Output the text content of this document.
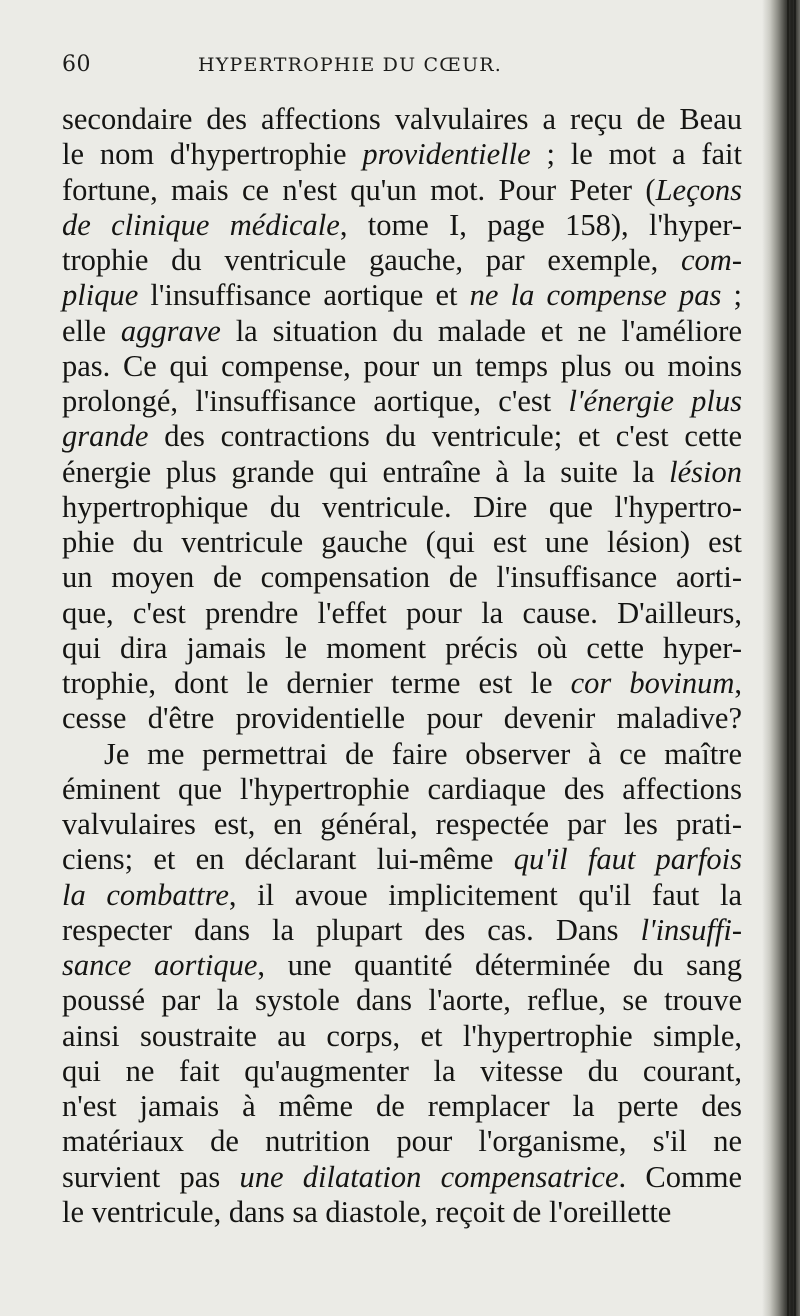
60	HYPERTROPHIE DU CŒUR.
secondaire des affections valvulaires a reçu de Beau
le nom d'hypertrophie providentielle ; le mot a fait
fortune, mais ce n'est qu'un mot. Pour Peter (Leçons
de clinique médicale, tome I, page 158), l'hyper-
trophie du ventricule gauche, par exemple, com-
plique l'insuffisance aortique et ne la compense pas ;
elle aggrave la situation du malade et ne l'améliore
pas. Ce qui compense, pour un temps plus ou moins
prolongé, l'insuffisance aortique, c'est l'énergie plus
grande des contractions du ventricule; et c'est cette
énergie plus grande qui entraîne à la suite la lésion
hypertrophique du ventricule. Dire que l'hypertro-
phie du ventricule gauche (qui est une lésion) est
un moyen de compensation de l'insuffisance aorti-
que, c'est prendre l'effet pour la cause. D'ailleurs,
qui dira jamais le moment précis où cette hyper-
trophie, dont le dernier terme est le cor bovinum,
cesse d'être providentielle pour devenir maladive?
Je me permettrai de faire observer à ce maître
éminent que l'hypertrophie cardiaque des affections
valvulaires est, en général, respectée par les prati-
ciens; et en déclarant lui-même qu'il faut parfois
la combattre, il avoue implicitement qu'il faut la
respecter dans la plupart des cas. Dans l'insuffi-
sance aortique, une quantité déterminée du sang
poussé par la systole dans l'aorte, reflue, se trouve
ainsi soustraite au corps, et l'hypertrophie simple,
qui ne fait qu'augmenter la vitesse du courant,
n'est jamais à même de remplacer la perte des
matériaux de nutrition pour l'organisme, s'il ne
survient pas une dilatation compensatrice. Comme
le ventricule, dans sa diastole, reçoit de l'oreillette
